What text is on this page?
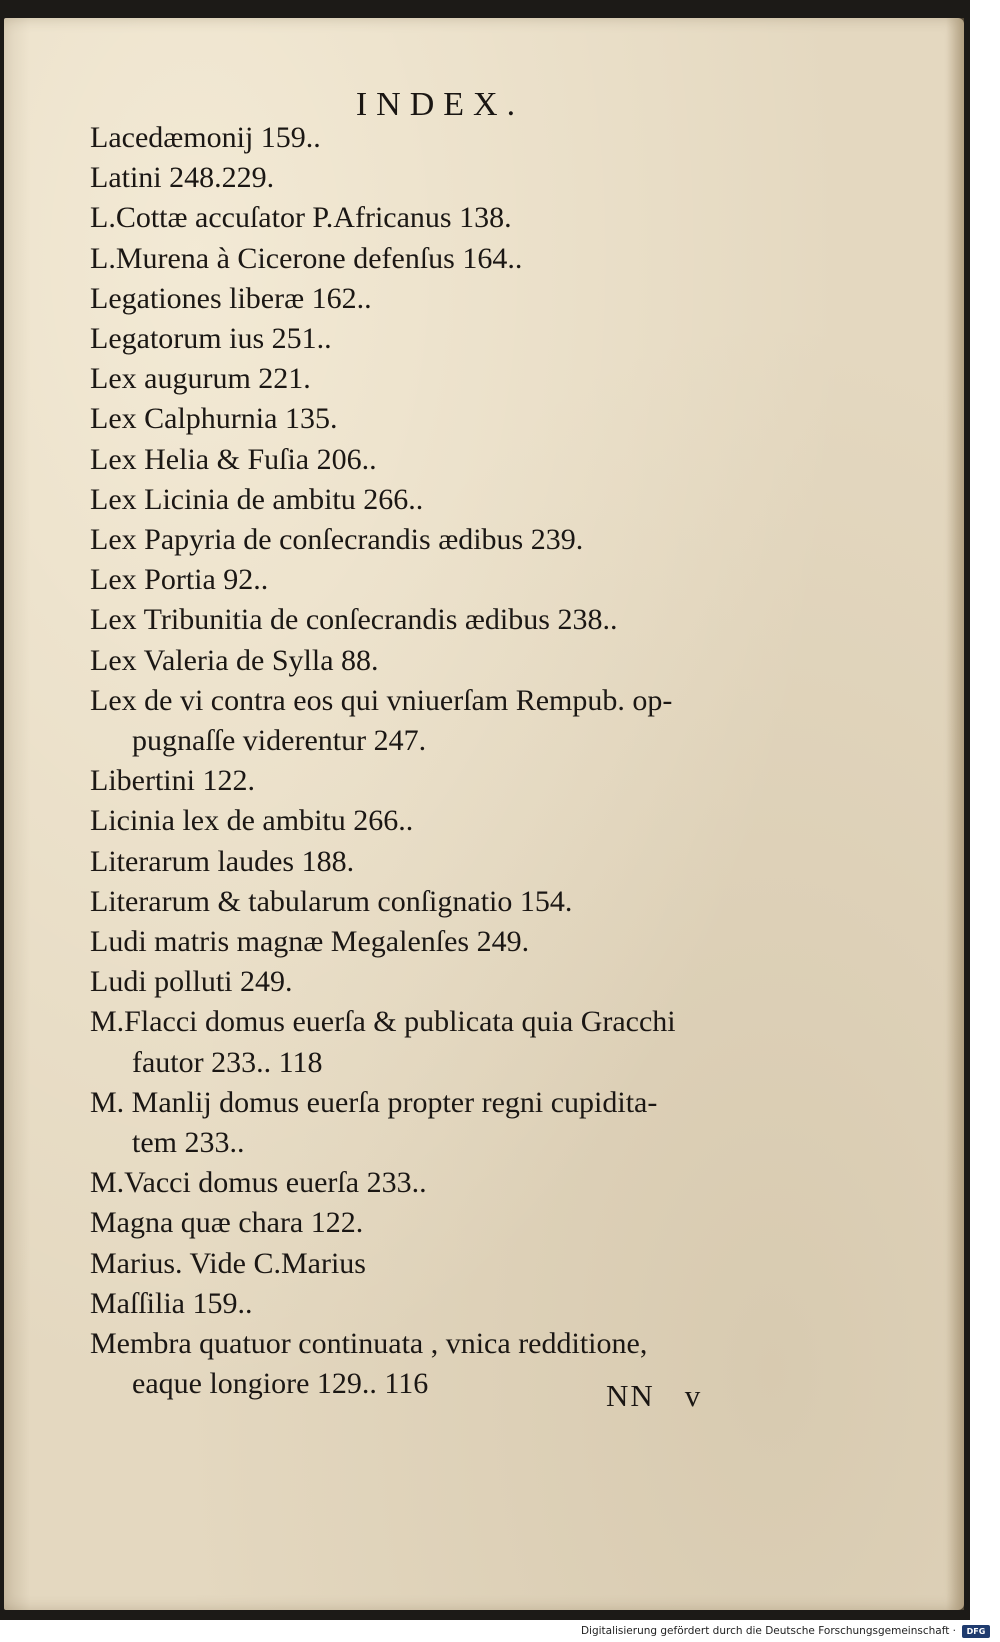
INDEX.
Lacedæmonij 159..
Latini 248.229.
L.Cottæ accuſator P.Africanus 138.
L.Murena à Cicerone defenſus 164..
Legationes liberæ 162..
Legatorum ius 251..
Lex augurum 221.
Lex Calphurnia 135.
Lex Helia & Fuſia 206..
Lex Licinia de ambitu 266..
Lex Papyria de conſecrandis ædibus 239.
Lex Portia 92..
Lex Tribunitia de conſecrandis ædibus 238..
Lex Valeria de Sylla 88.
Lex de vi contra eos qui vniuerſam Rempub. op-
pugnaſſe viderentur 247.
Libertini 122.
Licinia lex de ambitu 266..
Literarum laudes 188.
Literarum & tabularum conſignatio 154.
Ludi matris magnæ Megalenſes 249.
Ludi polluti 249.
M.Flacci domus euerſa & publicata quia Gracchi
fautor 233.. 118
M. Manlij domus euerſa propter regni cupidita-
tem 233..
M.Vacci domus euerſa 233..
Magna quæ chara 122.
Marius. Vide C.Marius
Maſſilia 159..
Membra quatuor continuata , vnica redditione,
eaque longiore 129.. 116	NN v
Digitalisierung gefördert durch die Deutsche Forschungsgemeinschaft ·	DFG
